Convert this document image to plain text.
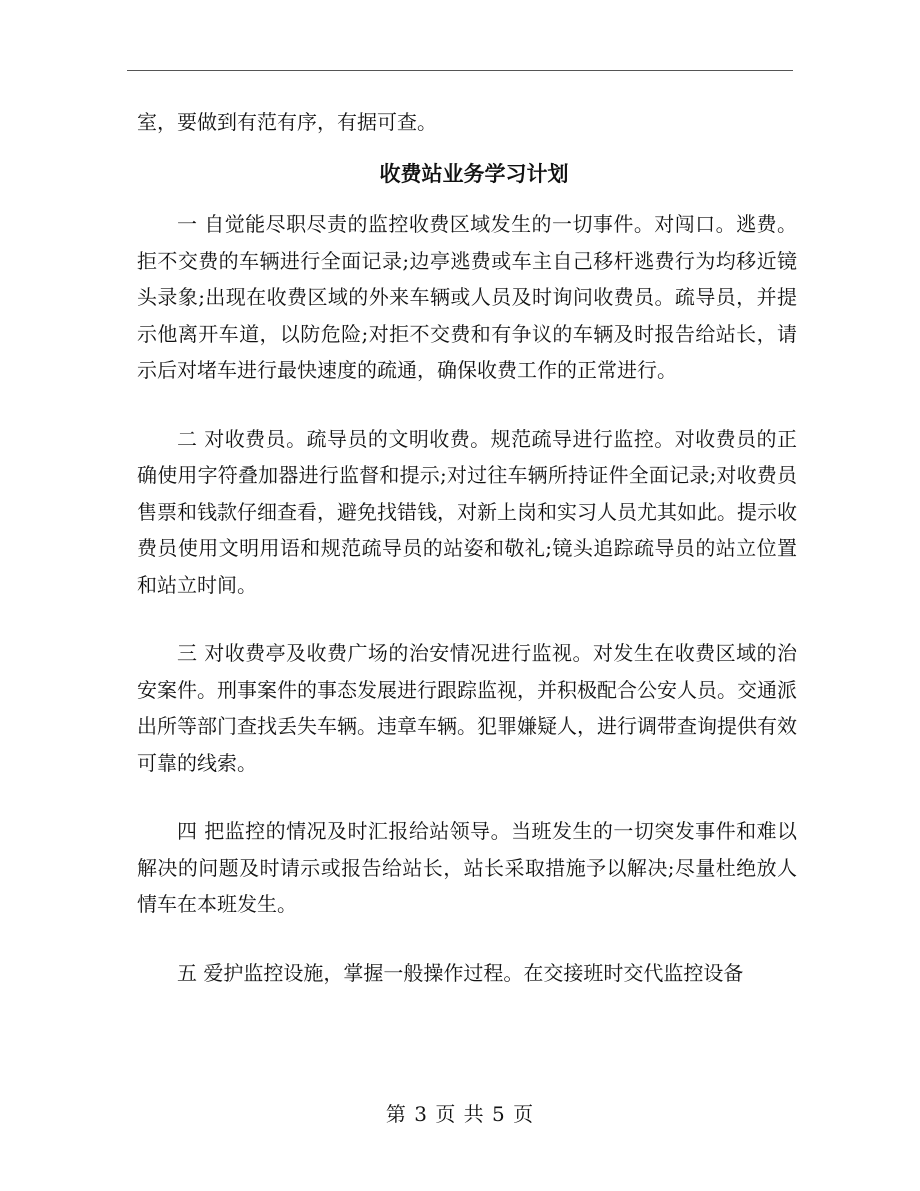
室，要做到有范有序，有据可查。

收费站业务学习计划

一 自觉能尽职尽责的监控收费区域发生的一切事件。对闯口。逃费。拒不交费的车辆进行全面记录;边亭逃费或车主自己移杆逃费行为均移近镜头录象;出现在收费区域的外来车辆或人员及时询问收费员。疏导员，并提示他离开车道，以防危险;对拒不交费和有争议的车辆及时报告给站长，请示后对堵车进行最快速度的疏通，确保收费工作的正常进行。

二 对收费员。疏导员的文明收费。规范疏导进行监控。对收费员的正确使用字符叠加器进行监督和提示;对过往车辆所持证件全面记录;对收费员售票和钱款仔细查看，避免找错钱，对新上岗和实习人员尤其如此。提示收费员使用文明用语和规范疏导员的站姿和敬礼;镜头追踪疏导员的站立位置和站立时间。

三 对收费亭及收费广场的治安情况进行监视。对发生在收费区域的治安案件。刑事案件的事态发展进行跟踪监视，并积极配合公安人员。交通派出所等部门查找丢失车辆。违章车辆。犯罪嫌疑人，进行调带查询提供有效可靠的线索。

四 把监控的情况及时汇报给站领导。当班发生的一切突发事件和难以解决的问题及时请示或报告给站长，站长采取措施予以解决;尽量杜绝放人情车在本班发生。

五 爱护监控设施，掌握一般操作过程。在交接班时交代监控设备

第 3 页 共 5 页
